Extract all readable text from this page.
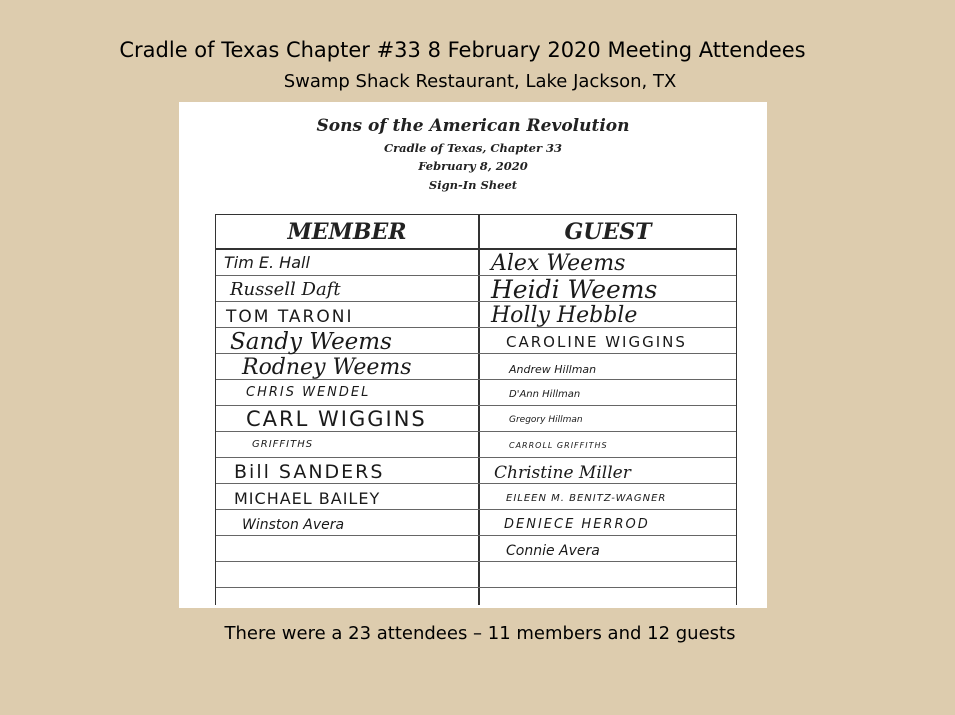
Cradle of Texas Chapter #33 8 February 2020 Meeting Attendees
Swamp Shack Restaurant, Lake Jackson, TX
Sons of the American Revolution
Cradle of Texas, Chapter 33
February 8, 2020
Sign-In Sheet
MEMBER	GUEST
Tim E. Hall
Russell Daft
TOM TARONI
Sandy Weems
Rodney Weems
CHRIS WENDEL
CARL WIGGINS
GRIFFITHS
Bill SANDERS
MICHAEL BAILEY
Winston Avera
Alex Weems
Heidi Weems
Holly Hebble
CAROLINE WIGGINS
Andrew Hillman
D'Ann Hillman
Gregory Hillman
CARROLL GRIFFITHS
Christine Miller
EILEEN M. BENITZ-WAGNER
DENIECE HERROD
Connie Avera
There were a 23 attendees – 11 members and 12 guests
